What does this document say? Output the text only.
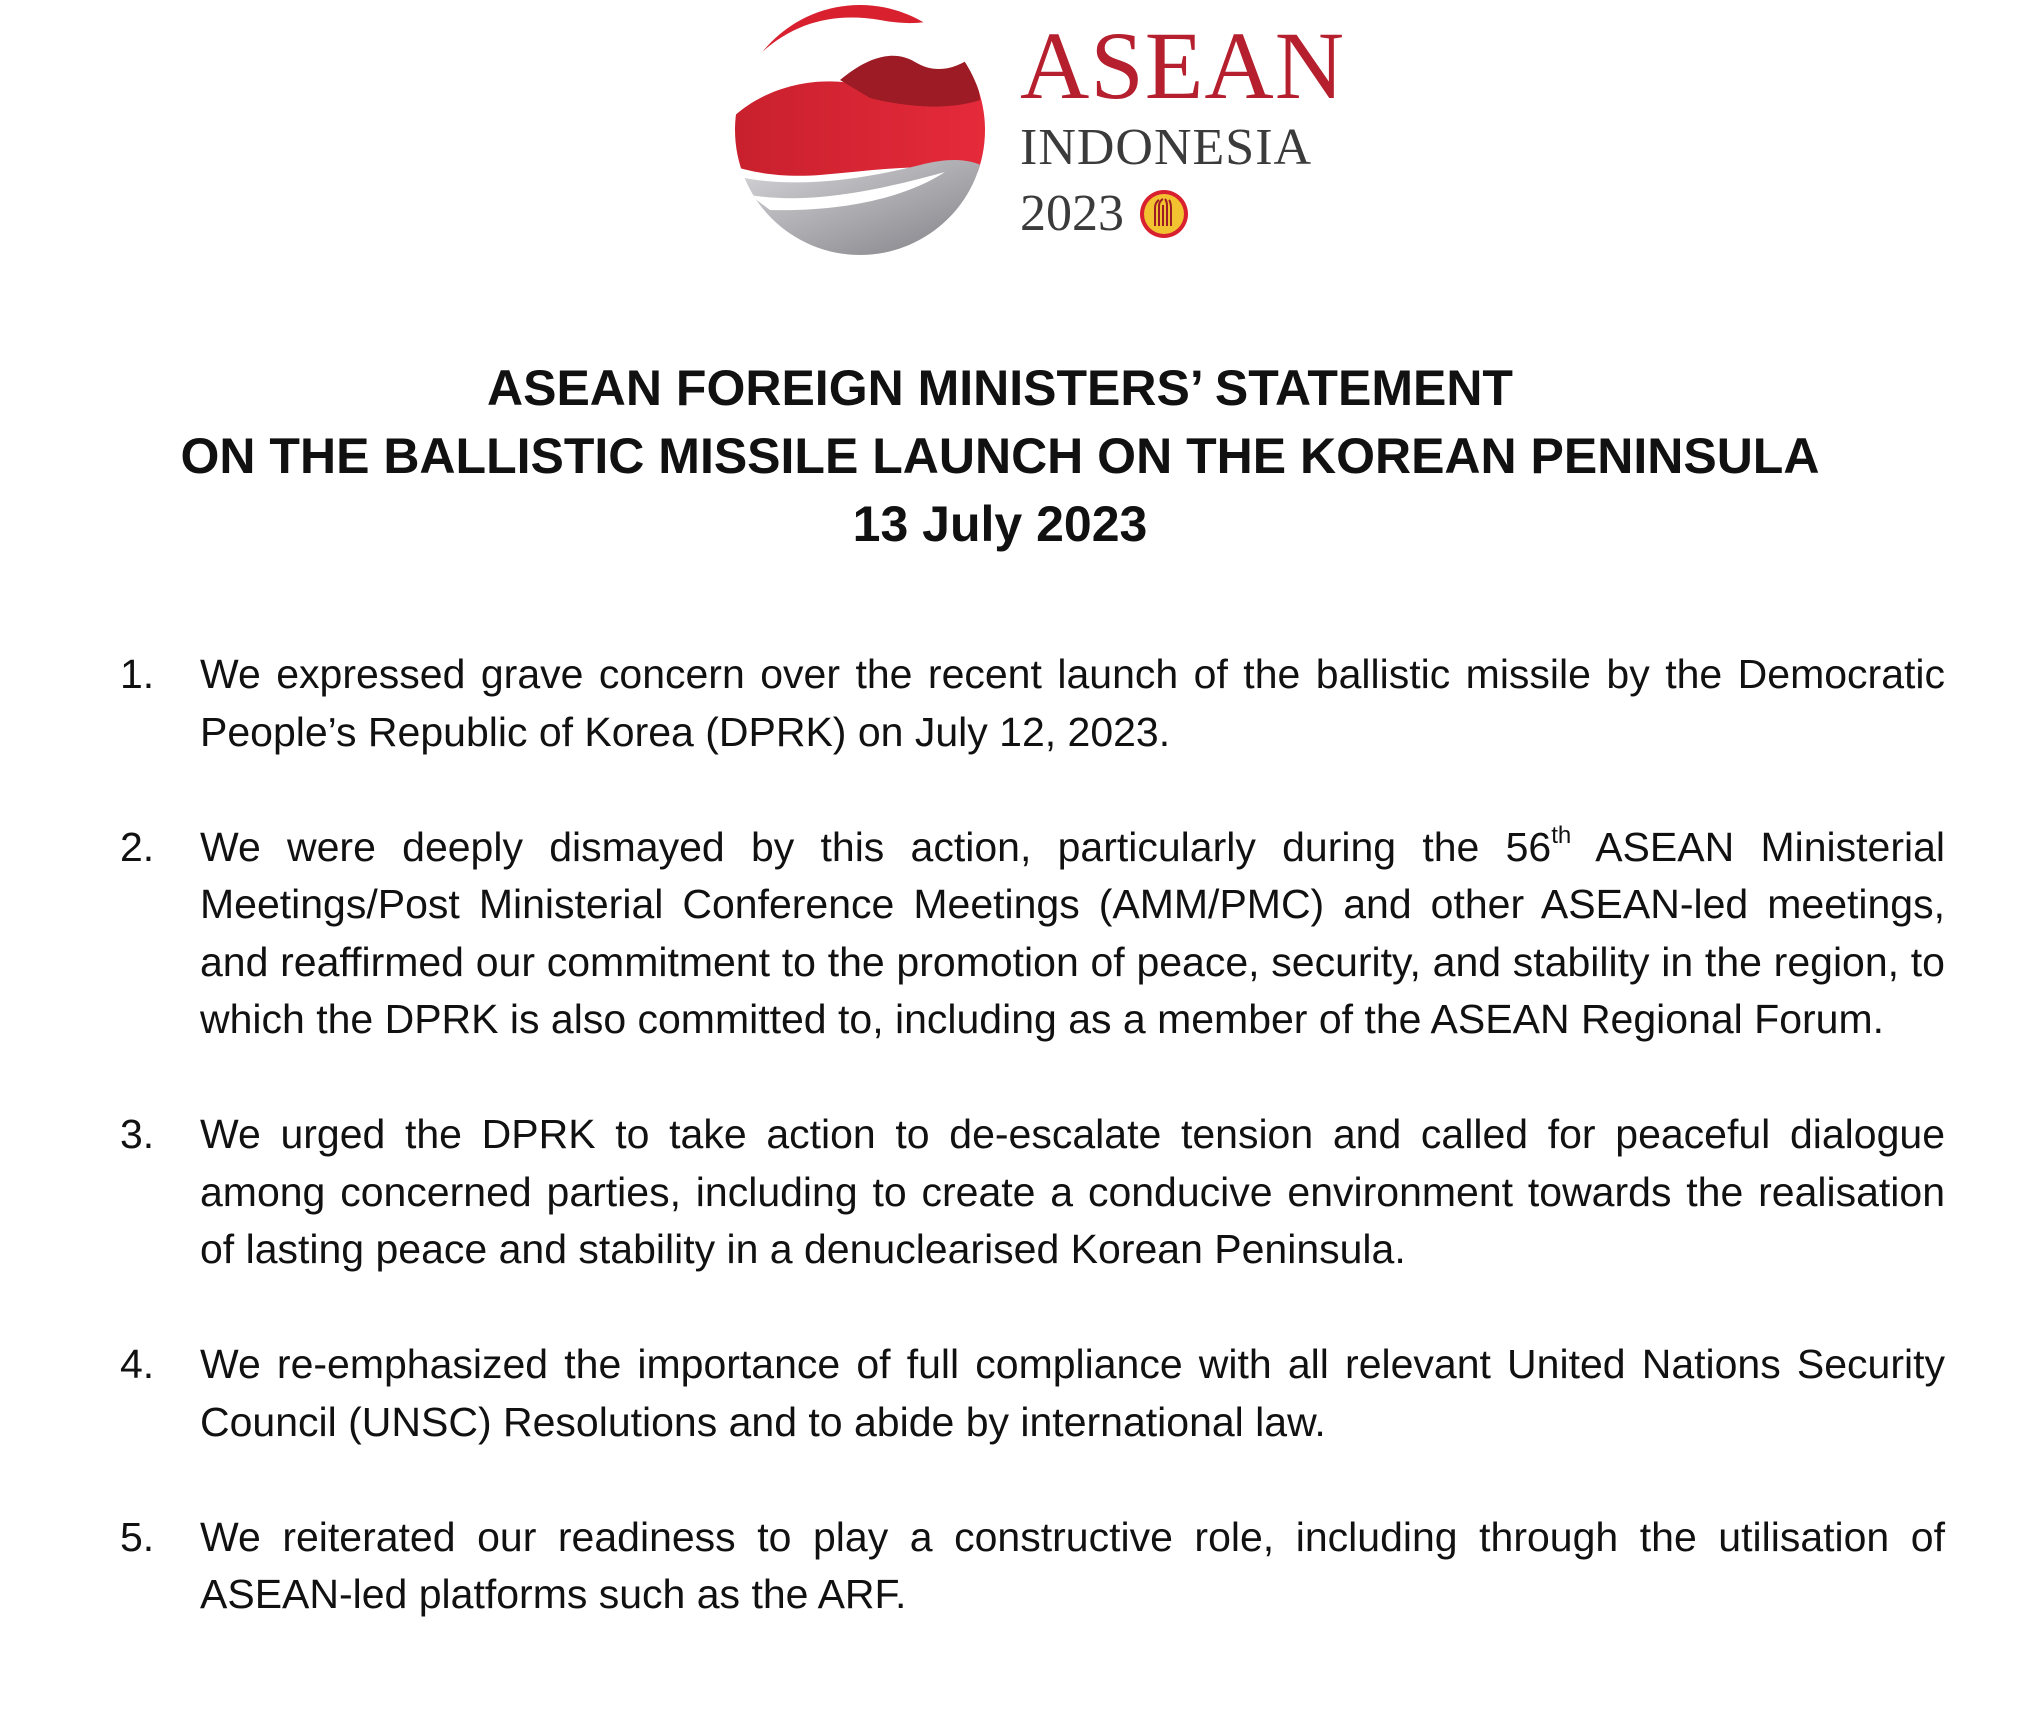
ASEAN
INDONESIA
2023
ASEAN FOREIGN MINISTERS’ STATEMENT
ON THE BALLISTIC MISSILE LAUNCH ON THE KOREAN PENINSULA
13 July 2023
1.	We expressed grave concern over the recent launch of the ballistic missile by the Democratic People’s Republic of Korea (DPRK) on July 12, 2023.
2.	We were deeply dismayed by this action, particularly during the 56th ASEAN Ministerial Meetings/Post Ministerial Conference Meetings (AMM/PMC) and other ASEAN-led meetings, and reaffirmed our commitment to the promotion of peace, security, and stability in the region, to which the DPRK is also committed to, including as a member of the ASEAN Regional Forum.
3.	We urged the DPRK to take action to de-escalate tension and called for peaceful dialogue among concerned parties, including to create a conducive environment towards the realisation of lasting peace and stability in a denuclearised Korean Peninsula.
4.	We re-emphasized the importance of full compliance with all relevant United Nations Security Council (UNSC) Resolutions and to abide by international law.
5.	We reiterated our readiness to play a constructive role, including through the utilisation of ASEAN-led platforms such as the ARF.
